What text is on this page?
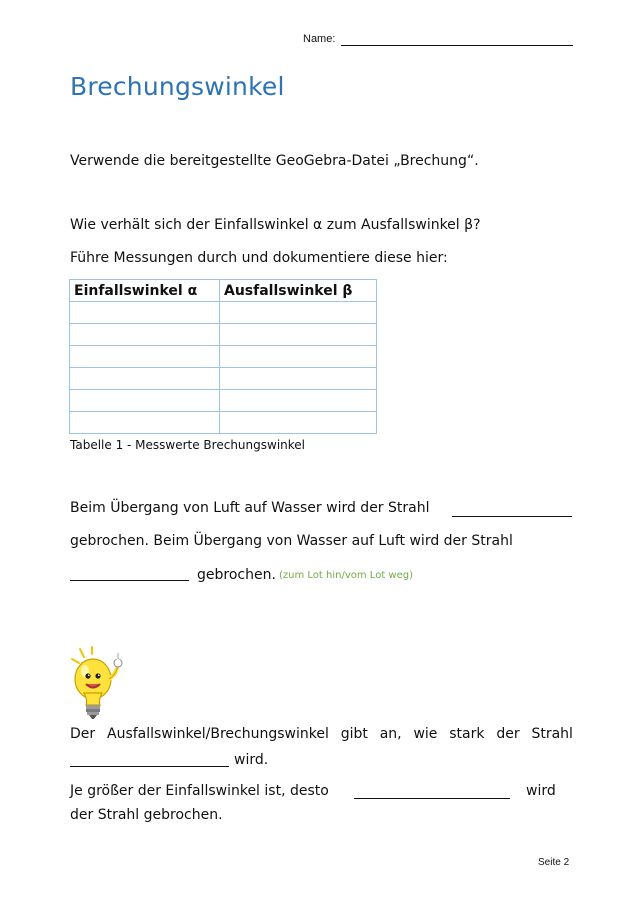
Name:
Brechungswinkel
Verwende die bereitgestellte GeoGebra-Datei „Brechung“.
Wie verhält sich der Einfallswinkel α zum Ausfallswinkel β?
Führe Messungen durch und dokumentiere diese hier:
Einfallswinkel α	Ausfallswinkel β

Tabelle 1 - Messwerte Brechungswinkel
Beim Übergang von Luft auf Wasser wird der Strahl
gebrochen. Beim Übergang von Wasser auf Luft wird der Strahl
gebrochen. (zum Lot hin/vom Lot weg)
Der Ausfallswinkel/Brechungswinkel gibt an, wie stark der Strahl
wird.
Je größer der Einfallswinkel ist, desto	wird
der Strahl gebrochen.
Seite 2
